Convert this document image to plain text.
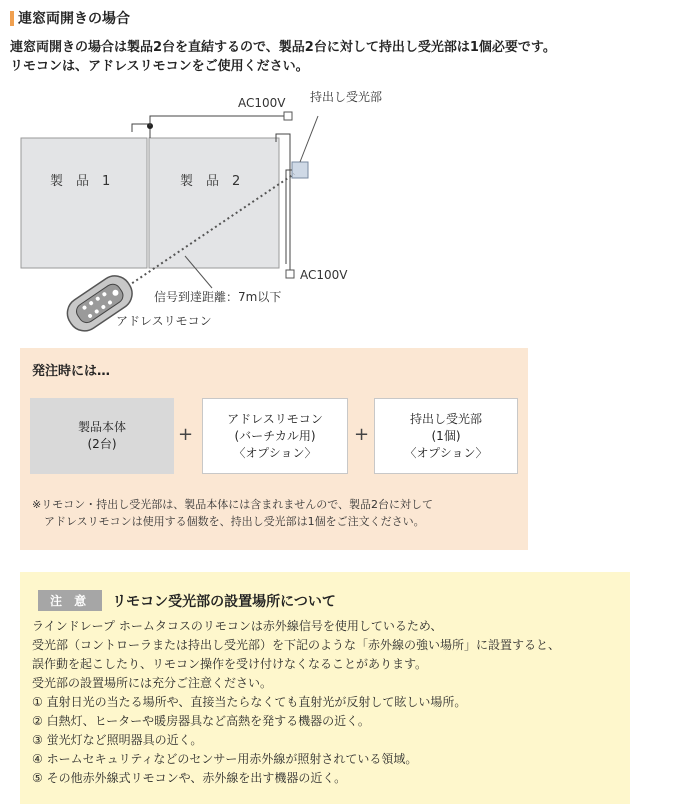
連窓両開きの場合
連窓両開きの場合は製品2台を直結するので、製品2台に対して持出し受光部は1個必要です。
リモコンは、アドレスリモコンをご使用ください。
AC100V 持出し受光部
製　品　1	製　品　2
AC100V
信号到達距離：7m以下
アドレスリモコン
発注時には…
製品本体
(2台)	+
アドレスリモコン
(バーチカル用)
〈オプション〉
+
持出し受光部
(1個)
〈オプション〉
※リモコン・持出し受光部は、製品本体には含まれませんので、製品2台に対して
アドレスリモコンは使用する個数を、持出し受光部は1個をご注文ください。
注 意	リモコン受光部の設置場所について

ラインドレープ ホームタコスのリモコンは赤外線信号を使用しているため、

受光部（コントローラまたは持出し受光部）を下記のような「赤外線の強い場所」に設置すると、

誤作動を起こしたり、リモコン操作を受け付けなくなることがあります。

受光部の設置場所には充分ご注意ください。

① 直射日光の当たる場所や、直接当たらなくても直射光が反射して眩しい場所。

② 白熱灯、ヒーターや暖房器具など高熱を発する機器の近く。

③ 蛍光灯など照明器具の近く。

④ ホームセキュリティなどのセンサー用赤外線が照射されている領域。

⑤ その他赤外線式リモコンや、赤外線を出す機器の近く。
